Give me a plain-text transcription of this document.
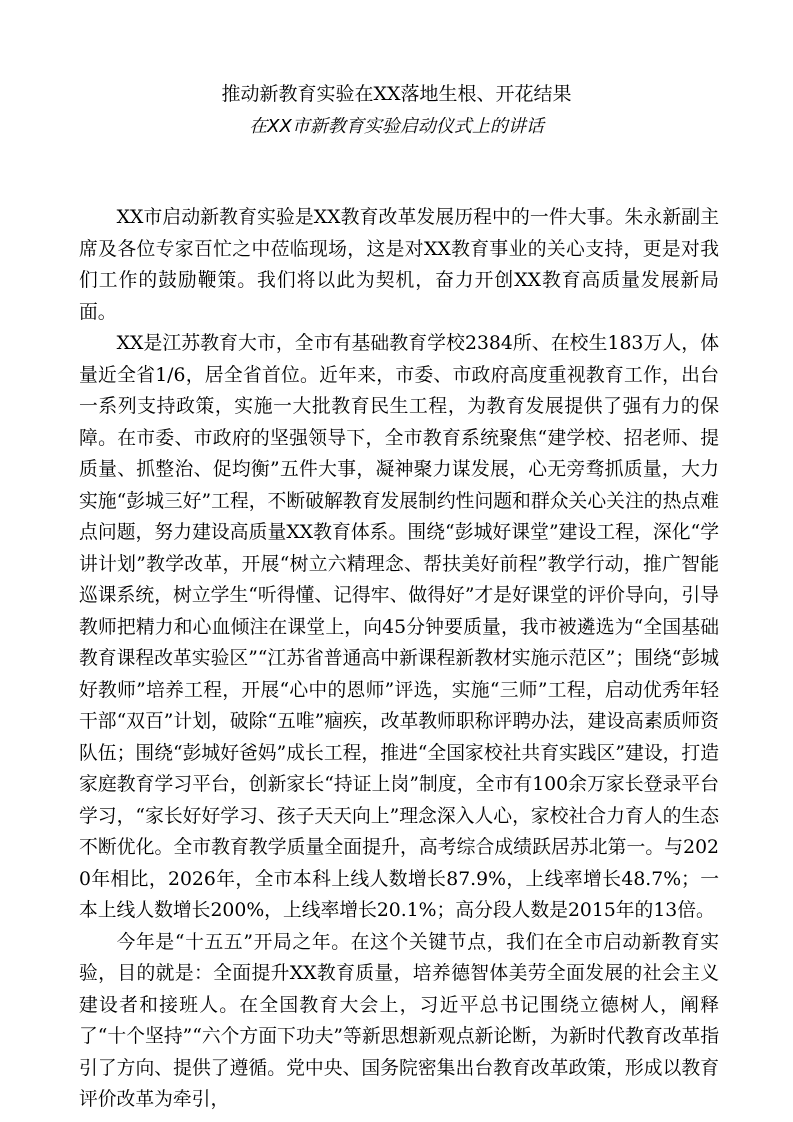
推动新教育实验在XX落地生根、开花结果
在XX市新教育实验启动仪式上的讲话

XX市启动新教育实验是XX教育改革发展历程中的一件大事。朱永新副主席及各位专家百忙之中莅临现场，这是对XX教育事业的关心支持，更是对我们工作的鼓励鞭策。我们将以此为契机，奋力开创XX教育高质量发展新局面。

XX是江苏教育大市，全市有基础教育学校2384所、在校生183万人，体量近全省1/6，居全省首位。近年来，市委、市政府高度重视教育工作，出台一系列支持政策，实施一大批教育民生工程，为教育发展提供了强有力的保障。在市委、市政府的坚强领导下，全市教育系统聚焦“建学校、招老师、提质量、抓整治、促均衡”五件大事，凝神聚力谋发展，心无旁骛抓质量，大力实施“彭城三好”工程，不断破解教育发展制约性问题和群众关心关注的热点难点问题，努力建设高质量XX教育体系。围绕“彭城好课堂”建设工程，深化“学讲计划”教学改革，开展“树立六精理念、帮扶美好前程”教学行动，推广智能巡课系统，树立学生“听得懂、记得牢、做得好”才是好课堂的评价导向，引导教师把精力和心血倾注在课堂上，向45分钟要质量，我市被遴选为“全国基础教育课程改革实验区”“江苏省普通高中新课程新教材实施示范区”；围绕“彭城好教师”培养工程，开展“心中的恩师”评选，实施“三师”工程，启动优秀年轻干部“双百”计划，破除“五唯”痼疾，改革教师职称评聘办法，建设高素质师资队伍；围绕“彭城好爸妈”成长工程，推进“全国家校社共育实践区”建设，打造家庭教育学习平台，创新家长“持证上岗”制度，全市有100余万家长登录平台学习，“家长好好学习、孩子天天向上”理念深入人心，家校社合力育人的生态不断优化。全市教育教学质量全面提升，高考综合成绩跃居苏北第一。与2020年相比，2026年，全市本科上线人数增长87.9%，上线率增长48.7%；一本上线人数增长200%，上线率增长20.1%；高分段人数是2015年的13倍。

今年是“十五五”开局之年。在这个关键节点，我们在全市启动新教育实验，目的就是：全面提升XX教育质量，培养德智体美劳全面发展的社会主义建设者和接班人。在全国教育大会上，习近平总书记围绕立德树人，阐释了“十个坚持”“六个方面下功夫”等新思想新观点新论断，为新时代教育改革指引了方向、提供了遵循。党中央、国务院密集出台教育改革政策，形成以教育评价改革为牵引，
